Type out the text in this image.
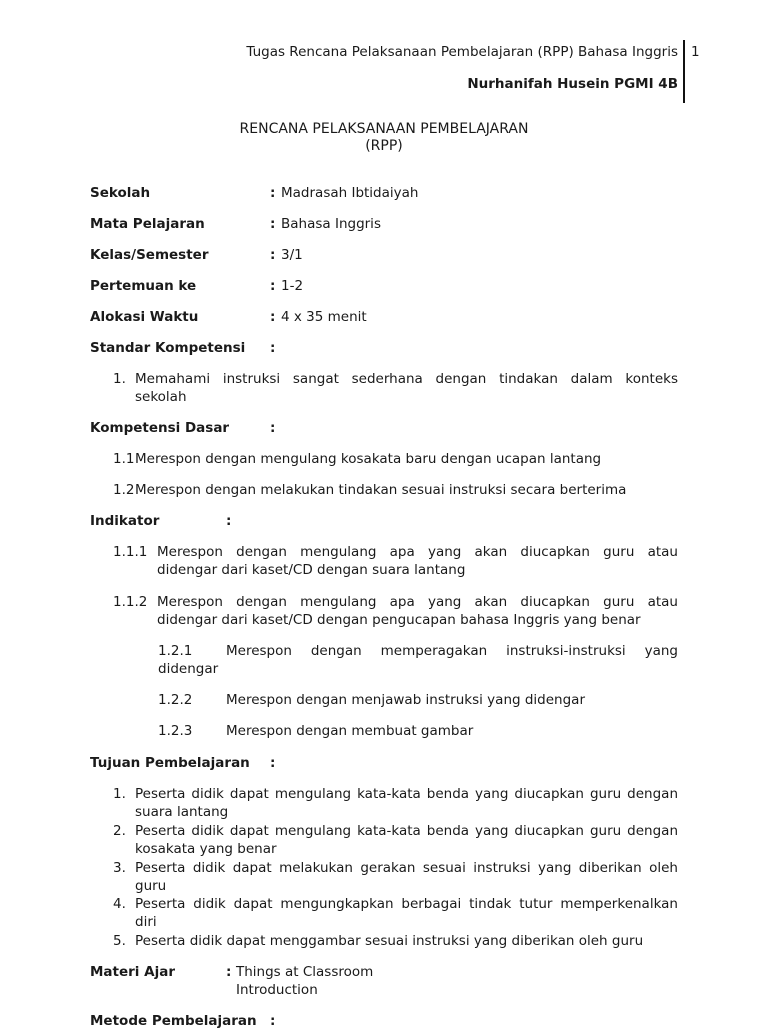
Tugas Rencana Pelaksanaan Pembelajaran (RPP) Bahasa Inggris 1
Nurhanifah Husein PGMI 4B
RENCANA PELAKSANAAN PEMBELAJARAN
(RPP)
Sekolah	: Madrasah Ibtidaiyah
Mata Pelajaran	: Bahasa Inggris
Kelas/Semester	: 3/1
Pertemuan ke	: 1-2
Alokasi Waktu	: 4 x 35 menit
Standar Kompetensi :
1. Memahami instruksi sangat sederhana dengan tindakan dalam konteks
sekolah
Kompetensi Dasar	:
1.1 Merespon dengan mengulang kosakata baru dengan ucapan lantang
1.2 Merespon dengan melakukan tindakan sesuai instruksi secara berterima
Indikator	:
1.1.1 Merespon dengan mengulang apa yang akan diucapkan guru atau
didengar dari kaset/CD dengan suara lantang
1.1.2 Merespon dengan mengulang apa yang akan diucapkan guru atau
didengar dari kaset/CD dengan pengucapan bahasa Inggris yang benar
1.2.1 Merespon dengan memperagakan instruksi-instruksi yang
didengar
1.2.2 Merespon dengan menjawab instruksi yang didengar
1.2.3 Merespon dengan membuat gambar
Tujuan Pembelajaran :
1. Peserta didik dapat mengulang kata-kata benda yang diucapkan guru dengan
suara lantang
2. Peserta didik dapat mengulang kata-kata benda yang diucapkan guru dengan
kosakata yang benar
3. Peserta didik dapat melakukan gerakan sesuai instruksi yang diberikan oleh
guru
4. Peserta didik dapat mengungkapkan berbagai tindak tutur memperkenalkan
diri
5. Peserta didik dapat menggambar sesuai instruksi yang diberikan oleh guru
Materi Ajar	: Things at Classroom
Introduction
Metode Pembelajaran :
